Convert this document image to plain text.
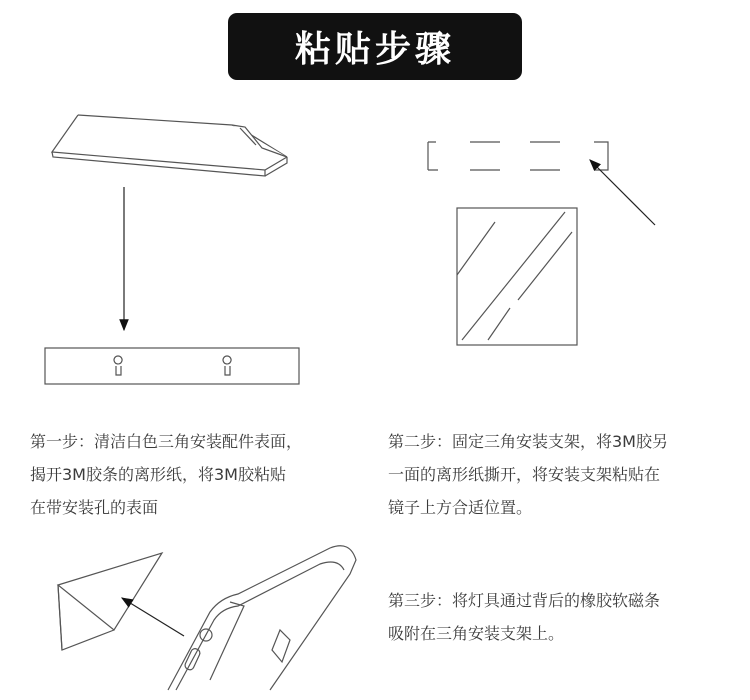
粘贴步骤

第一步：清洁白色三角安装配件表面，

揭开3M胶条的离形纸，将3M胶粘贴

在带安装孔的表面

第二步：固定三角安装支架，将3M胶另

一面的离形纸撕开，将安装支架粘贴在

镜子上方合适位置。

第三步：将灯具通过背后的橡胶软磁条

吸附在三角安装支架上。
